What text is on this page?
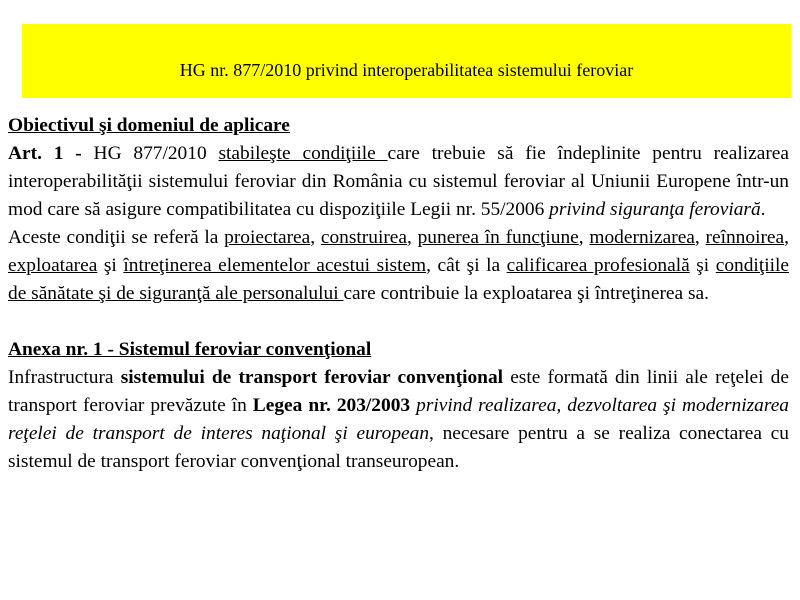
HG nr. 877/2010 privind interoperabilitatea sistemului feroviar

Obiectivul şi domeniul de aplicare

Art. 1 - HG 877/2010 stabileşte condiţiile care trebuie să fie îndeplinite pentru realizarea interoperabilităţii sistemului feroviar din România cu sistemul feroviar al Uniunii Europene într-un mod care să asigure compatibilitatea cu dispoziţiile Legii nr. 55/2006 privind siguranţa feroviară.

Aceste condiţii se referă la proiectarea, construirea, punerea în funcţiune, modernizarea, reînnoirea, exploatarea şi întreţinerea elementelor acestui sistem, cât şi la calificarea profesională şi condiţiile de sănătate şi de siguranţă ale personalului care contribuie la exploatarea şi întreţinerea sa.

Anexa nr. 1 - Sistemul feroviar convenţional

Infrastructura sistemului de transport feroviar convenţional este formată din linii ale reţelei de transport feroviar prevăzute în Legea nr. 203/2003 privind realizarea, dezvoltarea şi modernizarea reţelei de transport de interes naţional şi european, necesare pentru a se realiza conectarea cu sistemul de transport feroviar convenţional transeuropean.
